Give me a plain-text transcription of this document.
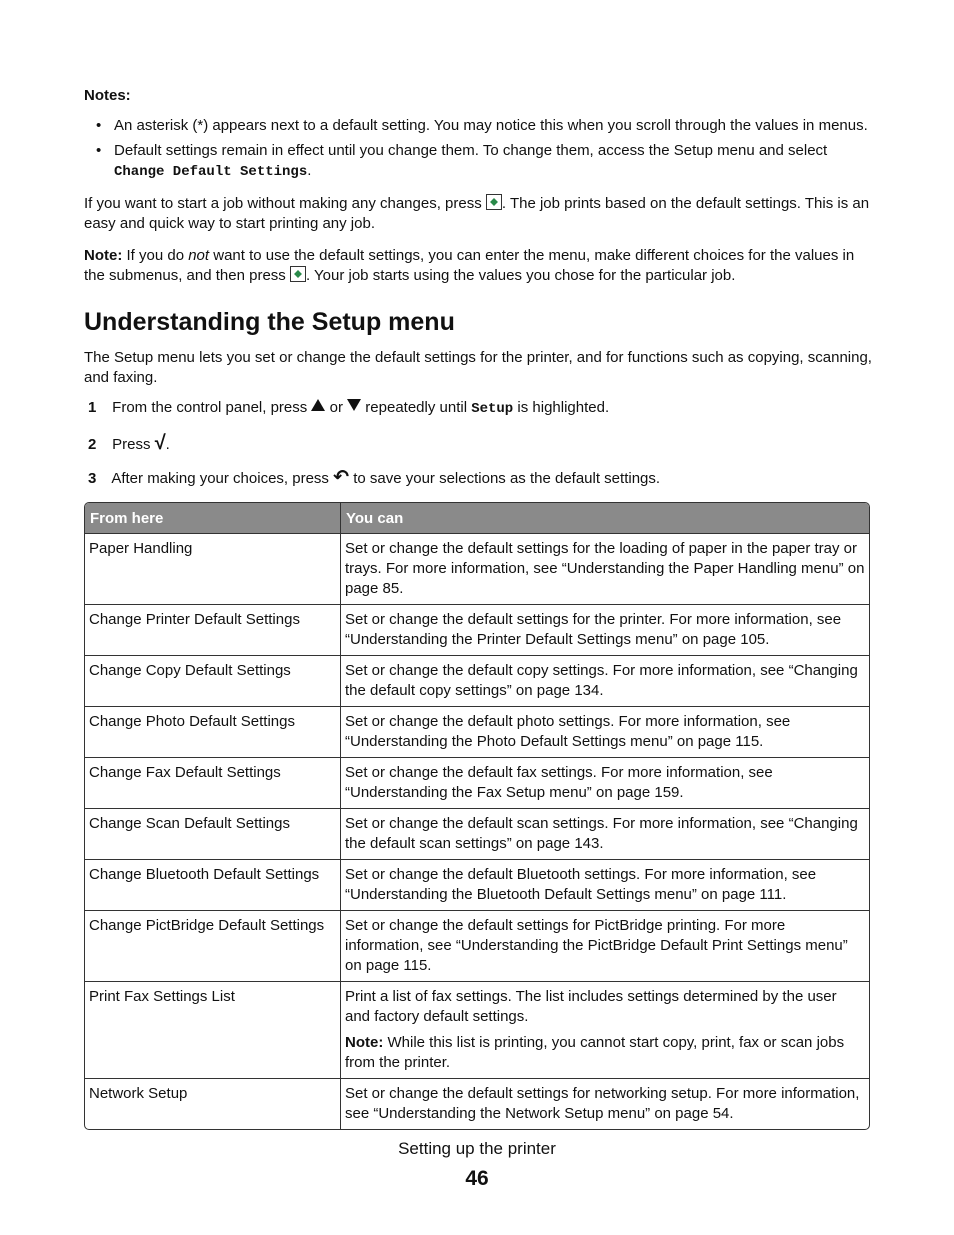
Notes:
• An asterisk (*) appears next to a default setting. You may notice this when you scroll through the values in menus.
• Default settings remain in effect until you change them. To change them, access the Setup menu and select
Change Default Settings.
If you want to start a job without making any changes, press . The job prints based on the default settings. This is an easy and quick way to start printing any job.
Note: If you do not want to use the default settings, you can enter the menu, make different choices for the values in the submenus, and then press . Your job starts using the values you chose for the particular job.
Understanding the Setup menu
The Setup menu lets you set or change the default settings for the printer, and for functions such as copying, scanning, and faxing.
1 From the control panel, press or repeatedly until Setup is highlighted.
2 Press √.
3 After making your choices, press ↶ to save your selections as the default settings.
From here	You can
Paper Handling	Set or change the default settings for the loading of paper in the paper tray or trays. For more information, see “Understanding the Paper Handling menu” on page 85.
Change Printer Default Settings	Set or change the default settings for the printer. For more information, see “Understanding the Printer Default Settings menu” on page 105.
Change Copy Default Settings	Set or change the default copy settings. For more information, see “Changing the default copy settings” on page 134.
Change Photo Default Settings	Set or change the default photo settings. For more information, see “Understanding the Photo Default Settings menu” on page 115.
Change Fax Default Settings	Set or change the default fax settings. For more information, see “Understanding the Fax Setup menu” on page 159.
Change Scan Default Settings	Set or change the default scan settings. For more information, see “Changing the default scan settings” on page 143.
Change Bluetooth Default Settings	Set or change the default Bluetooth settings. For more information, see “Understanding the Bluetooth Default Settings menu” on page 111.
Change PictBridge Default Settings	Set or change the default settings for PictBridge printing. For more information, see “Understanding the PictBridge Default Print Settings menu” on page 115.
Print Fax Settings List	Print a list of fax settings. The list includes settings determined by the user and factory default settings.
Note: While this list is printing, you cannot start copy, print, fax or scan jobs from the printer.

Network Setup	Set or change the default settings for networking setup. For more information, see “Understanding the Network Setup menu” on page 54.
Setting up the printer
46
